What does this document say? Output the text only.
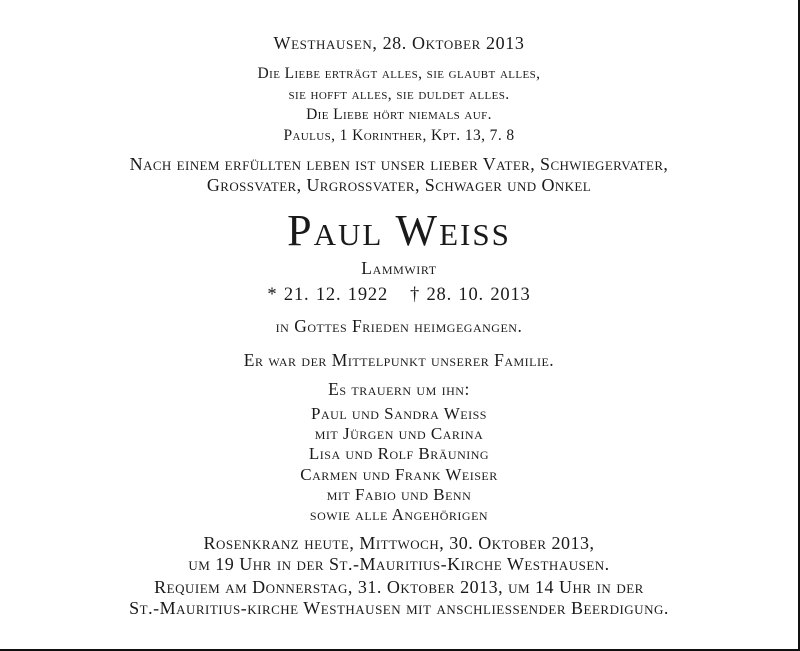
Westhausen, 28. Oktober 2013
Die Liebe erträgt alles, sie glaubt alles,
sie hofft alles, sie duldet alles.
Die Liebe hört niemals auf.
Paulus, 1 Korinther, Kpt. 13, 7. 8
Nach einem erfüllten leben ist unser lieber Vater, Schwiegervater,
Grossvater, Urgrossvater, Schwager und Onkel
Paul Weiss
Lammwirt
* 21. 12. 1922 † 28. 10. 2013
in Gottes Frieden heimgegangen.
Er war der Mittelpunkt unserer Familie.
Es trauern um ihn:
Paul und Sandra Weiss
mit Jürgen und Carina
Lisa und Rolf Bräuning
Carmen und Frank Weiser
mit Fabio und Benn
sowie alle Angehörigen
Rosenkranz heute, Mittwoch, 30. Oktober 2013,
um 19 Uhr in der St.-Mauritius-Kirche Westhausen.
Requiem am Donnerstag, 31. Oktober 2013, um 14 Uhr in der
St.-Mauritius-kirche Westhausen mit anschliessender Beerdigung.
